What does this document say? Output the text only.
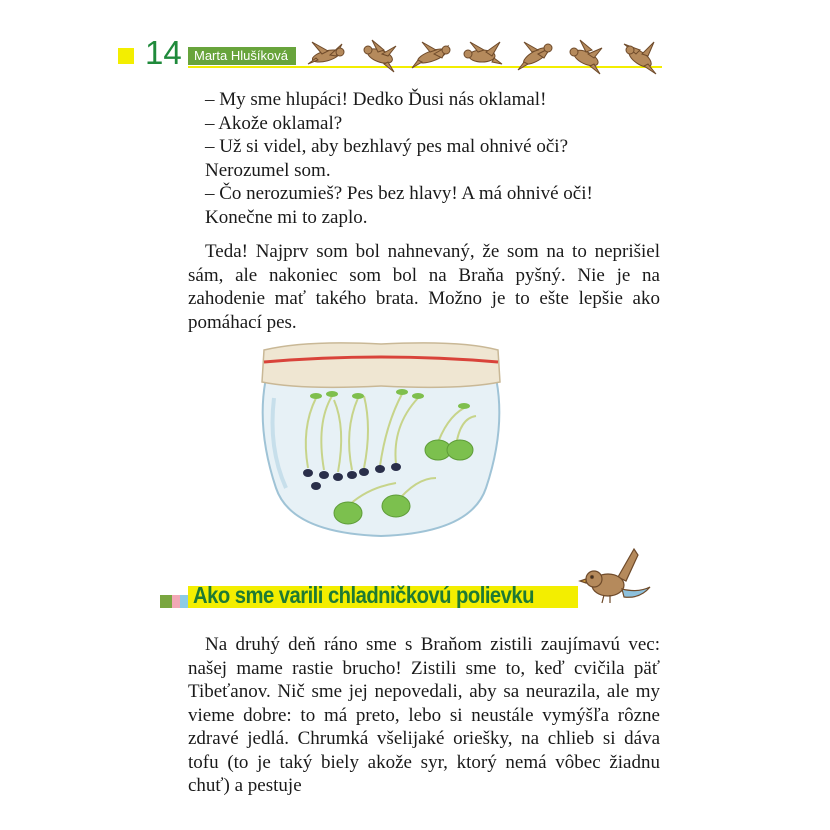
14 Marta Hlušíková

– My sme hlupáci! Dedko Ďusi nás oklamal!

– Akože oklamal?

– Už si videl, aby bezhlavý pes mal ohnivé oči?

Nerozumel som.

– Čo nerozumieš? Pes bez hlavy! A má ohnivé oči!

Konečne mi to zaplo.

Teda! Najprv som bol nahnevaný, že som na to neprišiel sám, ale nakoniec som bol na Braňa pyšný. Nie je na zahodenie mať takého brata. Možno je to ešte lepšie ako pomáhací pes.

Ako sme varili chladničkovú polievku

Na druhý deň ráno sme s Braňom zistili zaujímavú vec: našej mame rastie brucho! Zistili sme to, keď cvičila päť Tibeťanov. Nič sme jej nepovedali, aby sa neurazila, ale my vieme dobre: to má preto, lebo si neustále vymýšľa rôzne zdravé jedlá. Chrumká všelijaké oriešky, na chlieb si dáva tofu (to je taký biely akože syr, ktorý nemá vôbec žiadnu chuť) a pestuje
